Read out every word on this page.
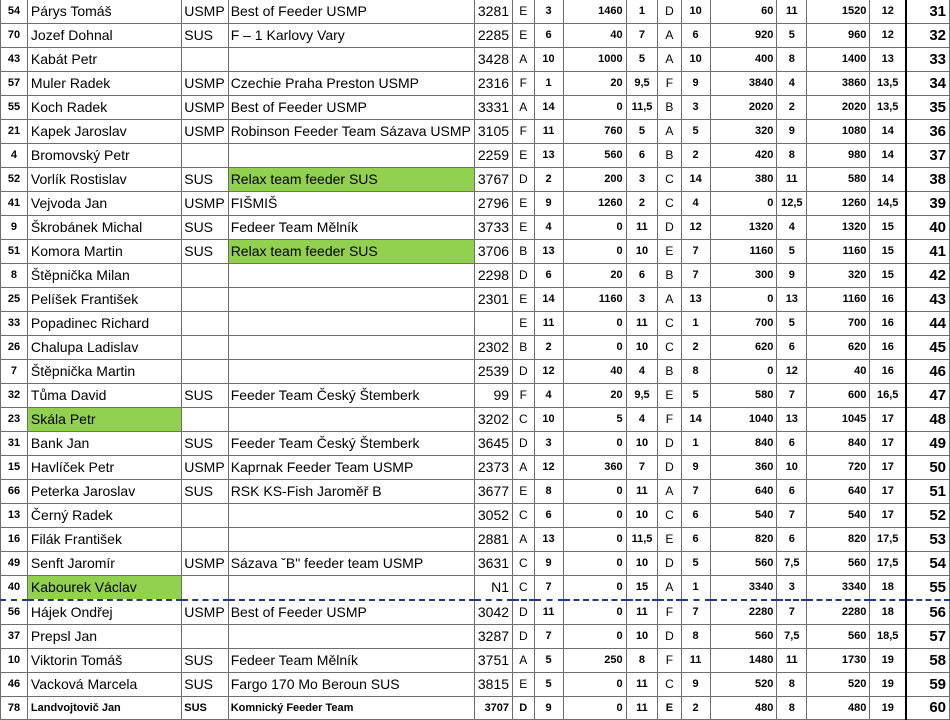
54	Párys Tomáš	USMP	Best of Feeder USMP	3281	E	3	1460	1	D	10	60	11	1520	12	31
70	Jozef Dohnal	SUS	F – 1 Karlovy Vary	2285	E	6	40	7	A	6	920	5	960	12	32
43	Kabát Petr			3428	A	10	1000	5	A	10	400	8	1400	13	33
57	Muler Radek	USMP	Czechie Praha Preston USMP	2316	F	1	20	9,5	F	9	3840	4	3860	13,5	34
55	Koch Radek	USMP	Best of Feeder USMP	3331	A	14	0	11,5	B	3	2020	2	2020	13,5	35
21	Kapek Jaroslav	USMP	Robinson Feeder Team Sázava USMP	3105	F	11	760	5	A	5	320	9	1080	14	36
4	Bromovský Petr			2259	E	13	560	6	B	2	420	8	980	14	37
52	Vorlík Rostislav	SUS	Relax team feeder SUS	3767	D	2	200	3	C	14	380	11	580	14	38
41	Vejvoda Jan	USMP	FIŠMIŠ	2796	E	9	1260	2	C	4	0	12,5	1260	14,5	39
9	Škrobánek Michal	SUS	Fedeer Team Mělník	3733	E	4	0	11	D	12	1320	4	1320	15	40
51	Komora Martin	SUS	Relax team feeder SUS	3706	B	13	0	10	E	7	1160	5	1160	15	41
8	Štěpnička Milan			2298	D	6	20	6	B	7	300	9	320	15	42
25	Pelíšek František			2301	E	14	1160	3	A	13	0	13	1160	16	43
33	Popadinec Richard				E	11	0	11	C	1	700	5	700	16	44
26	Chalupa Ladislav			2302	B	2	0	10	C	2	620	6	620	16	45
7	Štěpnička Martin			2539	D	12	40	4	B	8	0	12	40	16	46
32	Tůma David	SUS	Feeder Team Český Štemberk	99	F	4	20	9,5	E	5	580	7	600	16,5	47
23	Skála Petr			3202	C	10	5	4	F	14	1040	13	1045	17	48
31	Bank Jan	SUS	Feeder Team Český Štemberk	3645	D	3	0	10	D	1	840	6	840	17	49
15	Havlíček Petr	USMP	Kaprnak Feeder Team USMP	2373	A	12	360	7	D	9	360	10	720	17	50
66	Peterka Jaroslav	SUS	RSK KS-Fish Jaroměř B	3677	E	8	0	11	A	7	640	6	640	17	51
13	Černý Radek			3052	C	6	0	10	C	6	540	7	540	17	52
16	Filák František			2881	A	13	0	11,5	E	6	820	6	820	17,5	53
49	Senft Jaromír	USMP	Sázava ˇB" feeder team USMP	3631	C	9	0	10	D	5	560	7,5	560	17,5	54
40	Kabourek Václav			N1	C	7	0	15	A	1	3340	3	3340	18	55
56	Hájek Ondřej	USMP	Best of Feeder USMP	3042	D	11	0	11	F	7	2280	7	2280	18	56
37	Prepsl Jan			3287	D	7	0	10	D	8	560	7,5	560	18,5	57
10	Viktorin Tomáš	SUS	Fedeer Team Mělník	3751	A	5	250	8	F	11	1480	11	1730	19	58
46	Vacková Marcela	SUS	Fargo 170 Mo Beroun SUS	3815	E	5	0	11	C	9	520	8	520	19	59
78	Landvojtovič Jan	SUS	Komnický Feeder Team	3707	D	9	0	11	E	2	480	8	480	19	60
